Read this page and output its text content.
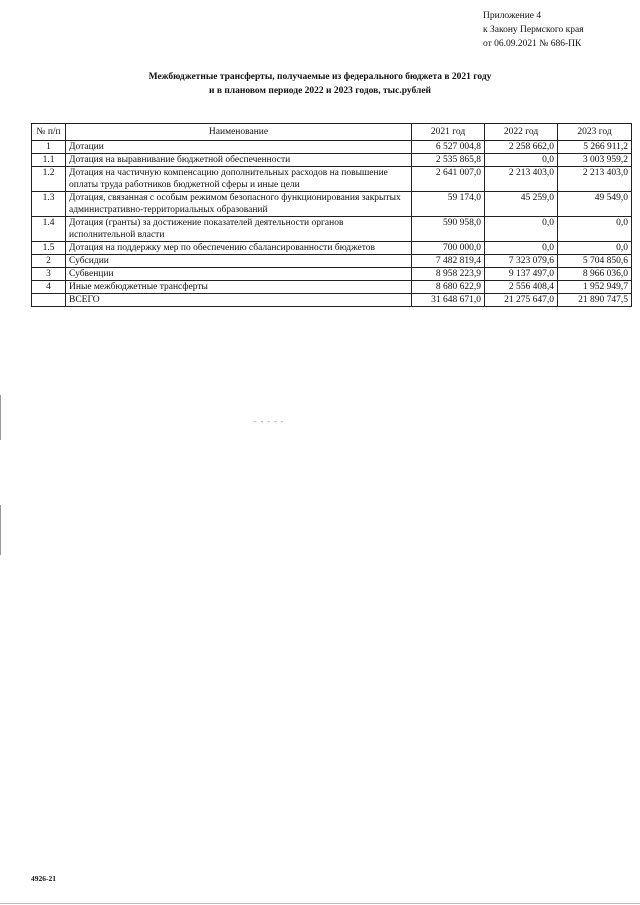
Приложение 4
к Закону Пермского края
от 06.09.2021 № 686-ПК
Межбюджетные трансферты, получаемые из федерального бюджета в 2021 году
и в плановом периоде 2022 и 2023 годов, тыс.рублей
№ п/п	Наименование	2021 год	2022 год	2023 год
1	Дотации	6 527 004,8	2 258 662,0	5 266 911,2
1.1	Дотация на выравнивание бюджетной обеспеченности	2 535 865,8	0,0	3 003 959,2
1.2	Дотация на частичную компенсацию дополнительных расходов на повышение оплаты труда работников бюджетной сферы и иные цели	2 641 007,0	2 213 403,0	2 213 403,0
1.3	Дотация, связанная с особым режимом безопасного функционирования закрытых административно-территориальных образований	59 174,0	45 259,0	49 549,0
1.4	Дотация (гранты) за достижение показателей деятельности органов исполнительной власти	590 958,0	0,0	0,0
1.5	Дотация на поддержку мер по обеспечению сбалансированности бюджетов	700 000,0	0,0	0,0
2	Субсидии	7 482 819,4	7 323 079,6	5 704 850,6
3	Субвенции	8 958 223,9	9 137 497,0	8 966 036,0
4	Иные межбюджетные трансферты	8 680 622,9	2 556 408,4	1 952 949,7
	ВСЕГО	31 648 671,0	21 275 647,0	21 890 747,5
- - - - -
4926-21
